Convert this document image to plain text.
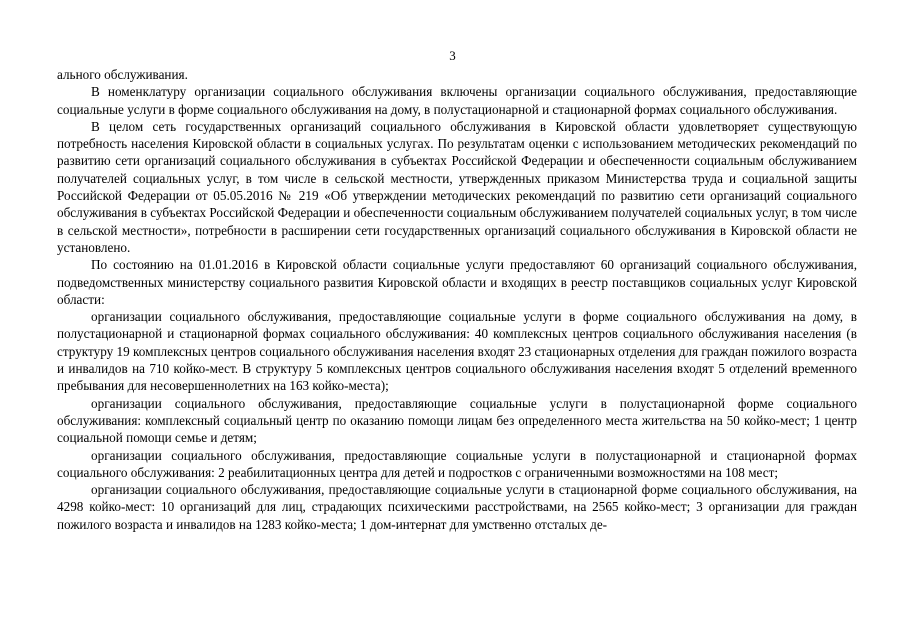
3

ального обслуживания.

В номенклатуру организации социального обслуживания включены организации социального обслуживания, предоставляющие социальные услуги в форме социального обслуживания на дому, в полустационарной и стационарной формах социального обслуживания.

В целом сеть государственных организаций социального обслуживания в Кировской области удовлетворяет существующую потребность населения Кировской области в социальных услугах. По результатам оценки с использованием методических рекомендаций по развитию сети организаций социального обслуживания в субъектах Российской Федерации и обеспеченности социальным обслуживанием получателей социальных услуг, в том числе в сельской местности, утвержденных приказом Министерства труда и социальной защиты Российской Федерации от 05.05.2016 № 219 «Об утверждении методических рекомендаций по развитию сети организаций социального обслуживания в субъектах Российской Федерации и обеспеченности социальным обслуживанием получателей социальных услуг, в том числе в сельской местности», потребности в расширении сети государственных организаций социального обслуживания в Кировской области не установлено.

По состоянию на 01.01.2016 в Кировской области социальные услуги предоставляют 60 организаций социального обслуживания, подведомственных министерству социального развития Кировской области и входящих в реестр поставщиков социальных услуг Кировской области:

организации социального обслуживания, предоставляющие социальные услуги в форме социального обслуживания на дому, в полустационарной и стационарной формах социального обслуживания: 40 комплексных центров социального обслуживания населения (в структуру 19 комплексных центров социального обслуживания населения входят 23 стационарных отделения для граждан пожилого возраста и инвалидов на 710 койко-мест. В структуру 5 комплексных центров социального обслуживания населения входят 5 отделений временного пребывания для несовершеннолетних на 163 койко-места);

организации социального обслуживания, предоставляющие социальные услуги в полустационарной форме социального обслуживания: комплексный социальный центр по оказанию помощи лицам без определенного места жительства на 50 койко-мест; 1 центр социальной помощи семье и детям;

организации социального обслуживания, предоставляющие социальные услуги в полустационарной и стационарной формах социального обслуживания: 2 реабилитационных центра для детей и подростков с ограниченными возможностями на 108 мест;

организации социального обслуживания, предоставляющие социальные услуги в стационарной форме социального обслуживания, на 4298 койко-мест: 10 организаций для лиц, страдающих психическими расстройствами, на 2565 койко-мест; 3 организации для граждан пожилого возраста и инвалидов на 1283 койко-места; 1 дом-интернат для умственно отсталых де-
